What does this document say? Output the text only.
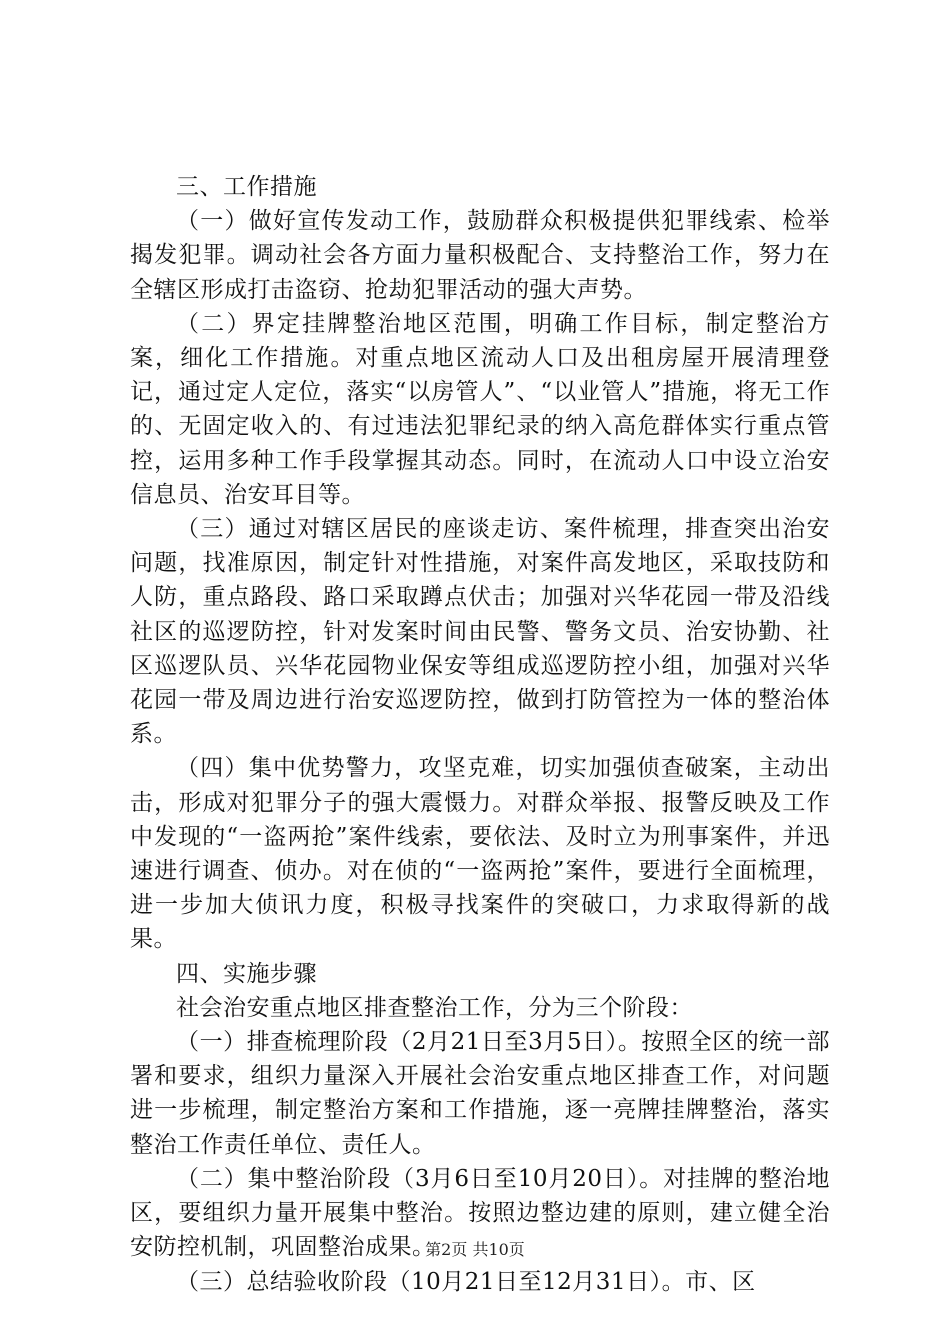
三、工作措施

（一）做好宣传发动工作，鼓励群众积极提供犯罪线索、检举揭发犯罪。调动社会各方面力量积极配合、支持整治工作，努力在全辖区形成打击盗窃、抢劫犯罪活动的强大声势。

（二）界定挂牌整治地区范围，明确工作目标，制定整治方案，细化工作措施。对重点地区流动人口及出租房屋开展清理登记，通过定人定位，落实“以房管人”、“以业管人”措施，将无工作的、无固定收入的、有过违法犯罪纪录的纳入高危群体实行重点管控，运用多种工作手段掌握其动态。同时，在流动人口中设立治安信息员、治安耳目等。

（三）通过对辖区居民的座谈走访、案件梳理，排查突出治安问题，找准原因，制定针对性措施，对案件高发地区，采取技防和人防，重点路段、路口采取蹲点伏击；加强对兴华花园一带及沿线社区的巡逻防控，针对发案时间由民警、警务文员、治安协勤、社区巡逻队员、兴华花园物业保安等组成巡逻防控小组，加强对兴华花园一带及周边进行治安巡逻防控，做到打防管控为一体的整治体系。

（四）集中优势警力，攻坚克难，切实加强侦查破案，主动出击，形成对犯罪分子的强大震慑力。对群众举报、报警反映及工作中发现的“一盗两抢”案件线索，要依法、及时立为刑事案件，并迅速进行调查、侦办。对在侦的“一盗两抢”案件，要进行全面梳理，进一步加大侦讯力度，积极寻找案件的突破口，力求取得新的战果。

四、实施步骤

社会治安重点地区排查整治工作，分为三个阶段：

（一）排查梳理阶段（2月21日至3月5日）。按照全区的统一部署和要求，组织力量深入开展社会治安重点地区排查工作，对问题进一步梳理，制定整治方案和工作措施，逐一亮牌挂牌整治，落实整治工作责任单位、责任人。

（二）集中整治阶段（3月6日至10月20日）。对挂牌的整治地区，要组织力量开展集中整治。按照边整边建的原则，建立健全治安防控机制，巩固整治成果。

（三）总结验收阶段（10月21日至12月31日）。市、区

第2页 共10页
